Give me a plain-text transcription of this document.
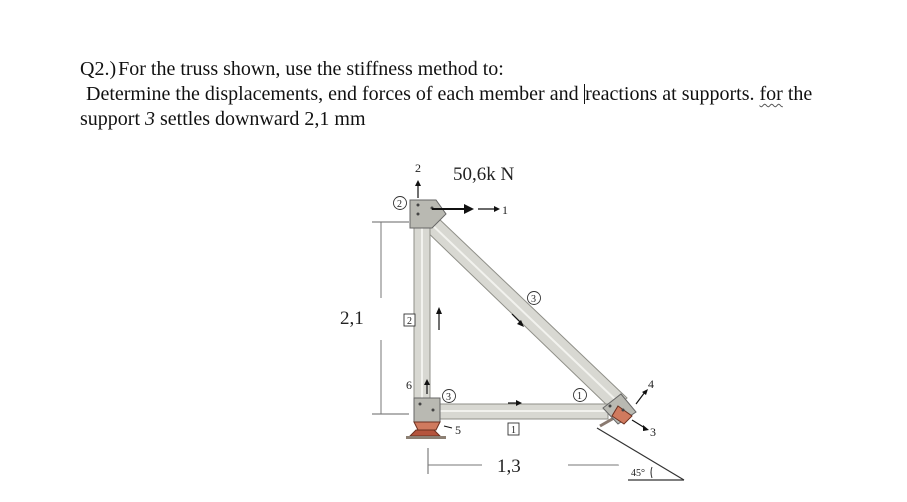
Q2.) For the truss shown, use the stiffness method to:
Determine the displacements, end forces of each member and reactions at supports. for the
support 3 settles downward 2,1 mm
2,1
1,3	45°
50,6k N
2
1
6
5
4
3
2
2
3
3
1
1
